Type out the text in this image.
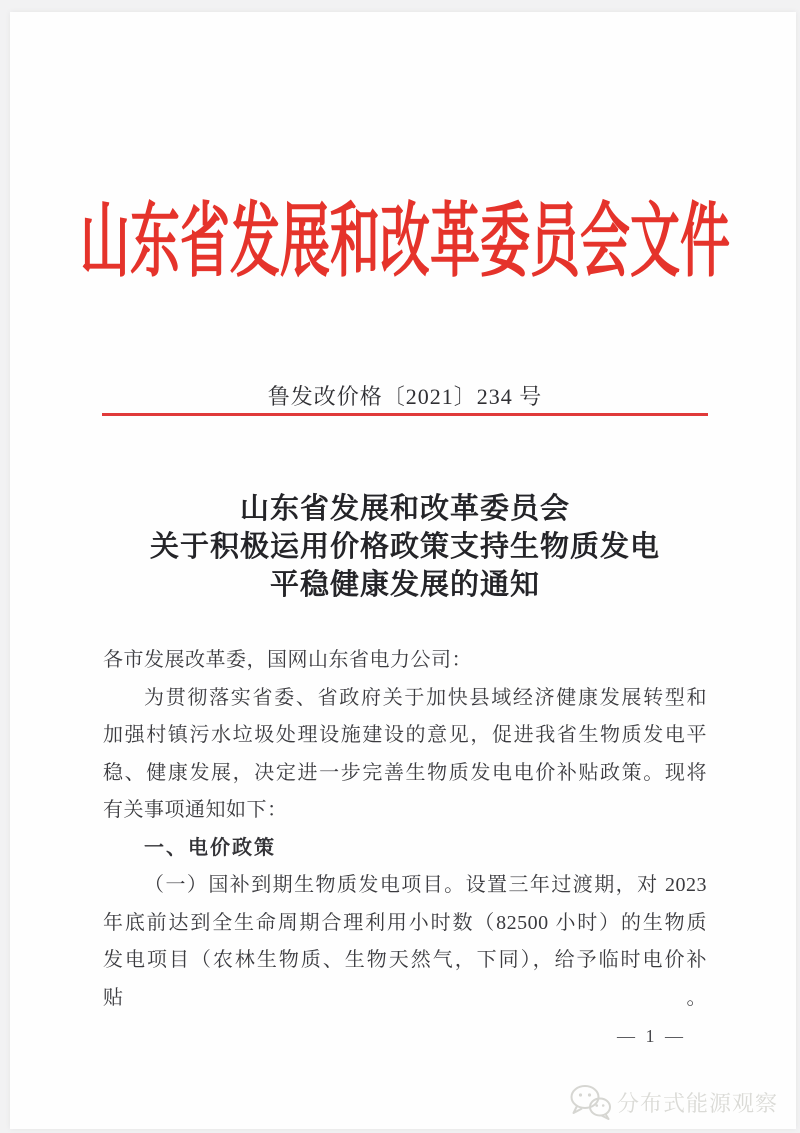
山东省发展和改革委员会文件
鲁发改价格〔2021〕234 号
山东省发展和改革委员会
关于积极运用价格政策支持生物质发电
平稳健康发展的通知
各市发展改革委，国网山东省电力公司：
为贯彻落实省委、省政府关于加快县域经济健康发展转型和
加强村镇污水垃圾处理设施建设的意见，促进我省生物质发电平
稳、健康发展，决定进一步完善生物质发电电价补贴政策。现将
有关事项通知如下：
一、电价政策
（一）国补到期生物质发电项目。设置三年过渡期，对 2023
年底前达到全生命周期合理利用小时数（82500 小时）的生物质
发电项目（农林生物质、生物天然气，下同），给予临时电价补贴。
— 1 —
分布式能源观察
